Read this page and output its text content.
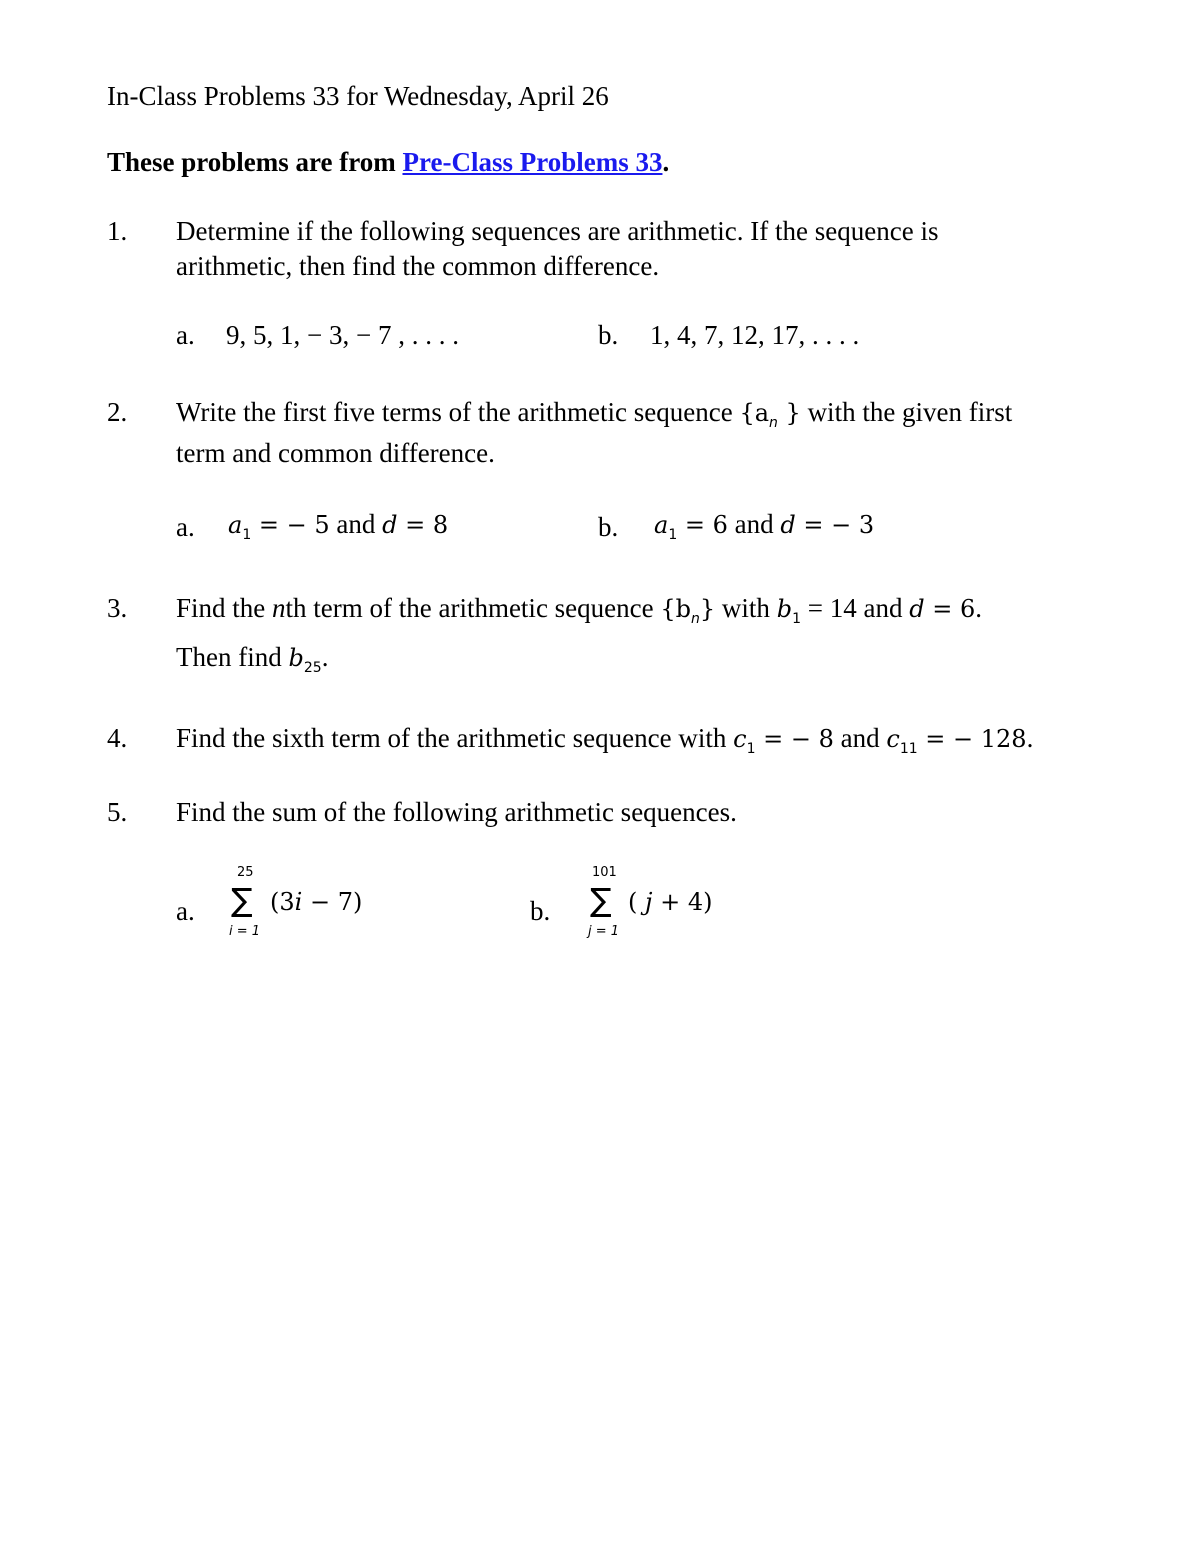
In-Class Problems 33 for Wednesday, April 26
These problems are from Pre-Class Problems 33.
1. Determine if the following sequences are arithmetic. If the sequence is
arithmetic, then find the common difference.
a. 9, 5, 1, − 3, − 7 , . . . .	b. 1, 4, 7, 12, 17, . . . .
2. Write the first five terms of the arithmetic sequence {$a_n$ } with the given first
term and common difference.
a. $a_1$ = − 5 and d = 8	b. $a_1 = 6$ and d = − 3
3. Find the nth term of the arithmetic sequence $\{b_n\}$ with $b_1 = 14$ and d = 6.
Then find $b_{25}$.
4. Find the sixth term of the arithmetic sequence with $c_1$ = − 8 and $c_{11}$ = − 128.
5. Find the sum of the following arithmetic sequences.
a.
25
∑
i = 1
(3i − 7)	b.
101
∑
j = 1
( j + 4)
